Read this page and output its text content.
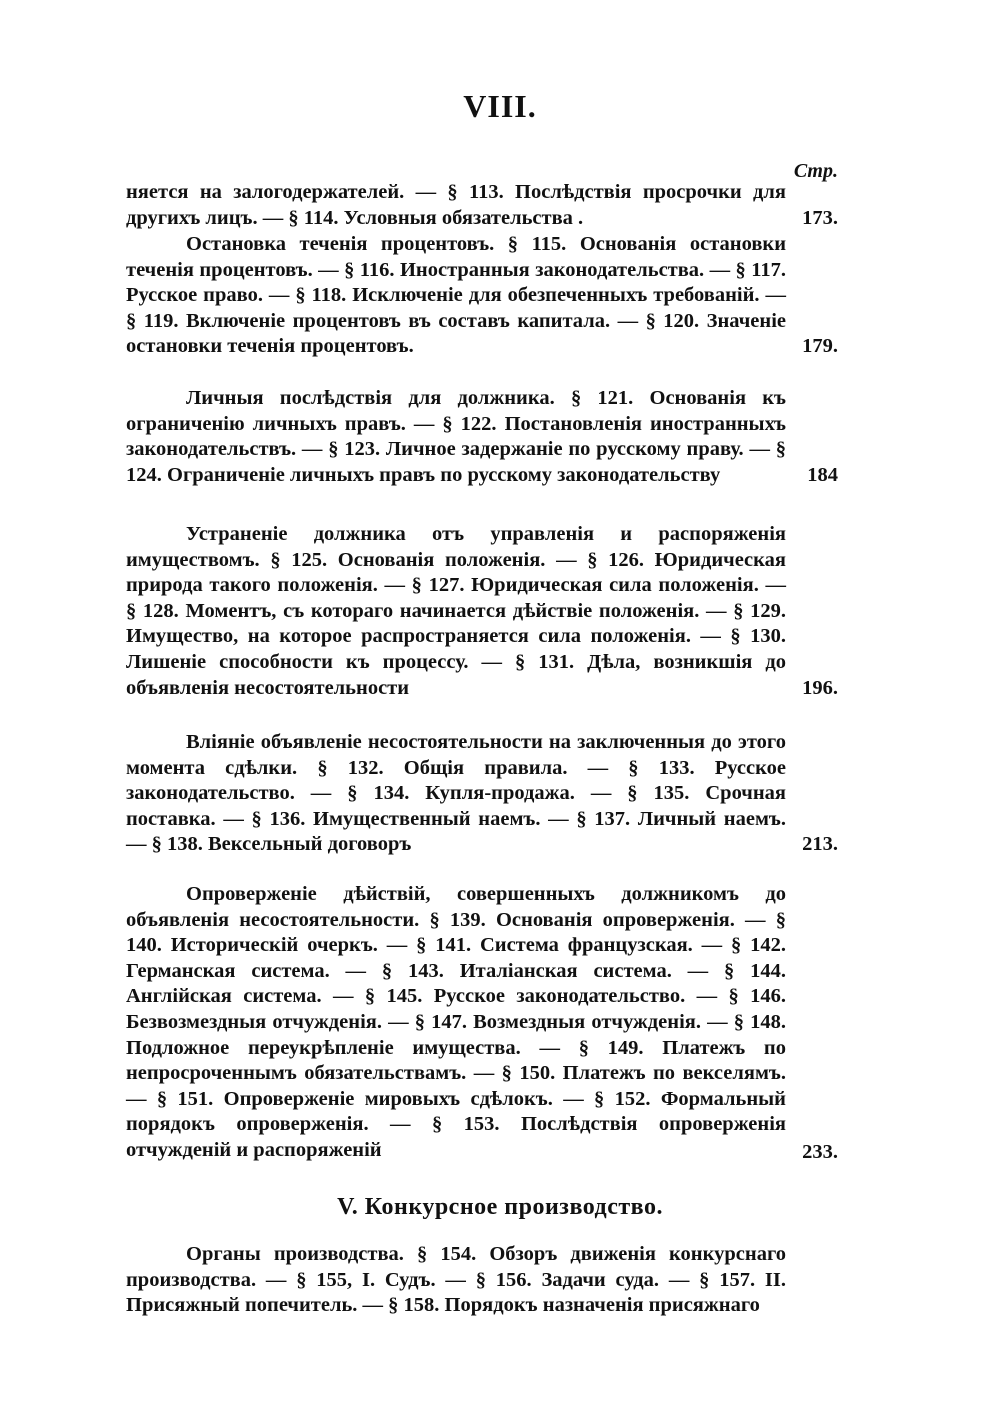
VIII.
Стр.
няется на залогодержателей. — § 113. Послѣдствія просрочки для другихъ лицъ. — § 114. Условныя обязательства .	173.
Остановка теченія процентовъ. § 115. Основанія остановки теченія процентовъ. — § 116. Иностранныя законодательства. — § 117. Русское право. — § 118. Исключеніе для обезпеченныхъ требованій. — § 119. Включеніе процентовъ въ составъ капитала. — § 120. Значеніе остановки теченія процентовъ.	179.
Личныя послѣдствія для должника. § 121. Основанія къ ограниченію личныхъ правъ. — § 122. Постановленія иностранныхъ законодательствъ. — § 123. Личное задержаніе по русскому праву. — § 124. Ограниченіе личныхъ правъ по русскому законодательству	184
Устраненіе должника отъ управленія и распоряженія имуществомъ. § 125. Основанія положенія. — § 126. Юридическая природа такого положенія. — § 127. Юридическая сила положенія. — § 128. Моментъ, съ котораго начинается дѣйствіе положенія. — § 129. Имущество, на которое распространяется сила положенія. — § 130. Лишеніе способности къ процессу. — § 131. Дѣла, возникшія до объявленія несостоятельности	196.
Вліяніе объявленіе несостоятельности на заключенныя до этого момента сдѣлки. § 132. Общія правила. — § 133. Русское законодательство. — § 134. Купля-продажа. — § 135. Срочная поставка. — § 136. Имущественный наемъ. — § 137. Личный наемъ. — § 138. Вексельный договоръ	213.
Опроверженіе дѣйствій, совершенныхъ должникомъ до объявленія несостоятельности. § 139. Основанія опроверженія. — § 140. Историческій очеркъ. — § 141. Система французская. — § 142. Германская система. — § 143. Италіанская система. — § 144. Англійская система. — § 145. Русское законодательство. — § 146. Безвозмездныя отчужденія. — § 147. Возмездныя отчужденія. — § 148. Подложное переукрѣпленіе имущества. — § 149. Платежъ по непросроченнымъ обязательствамъ. — § 150. Платежъ по векселямъ. — § 151. Опроверженіе мировыхъ сдѣлокъ. — § 152. Формальный порядокъ опроверженія. — § 153. Послѣдствія опроверженія отчужденій и распоряженій	233.
V. Конкурсное производство.
Органы производства. § 154. Обзоръ движенія конкурснаго производства. — § 155, I. Судъ. — § 156. Задачи суда. — § 157. II. Присяжный попечитель. — § 158. Порядокъ назначенія присяжнаго
